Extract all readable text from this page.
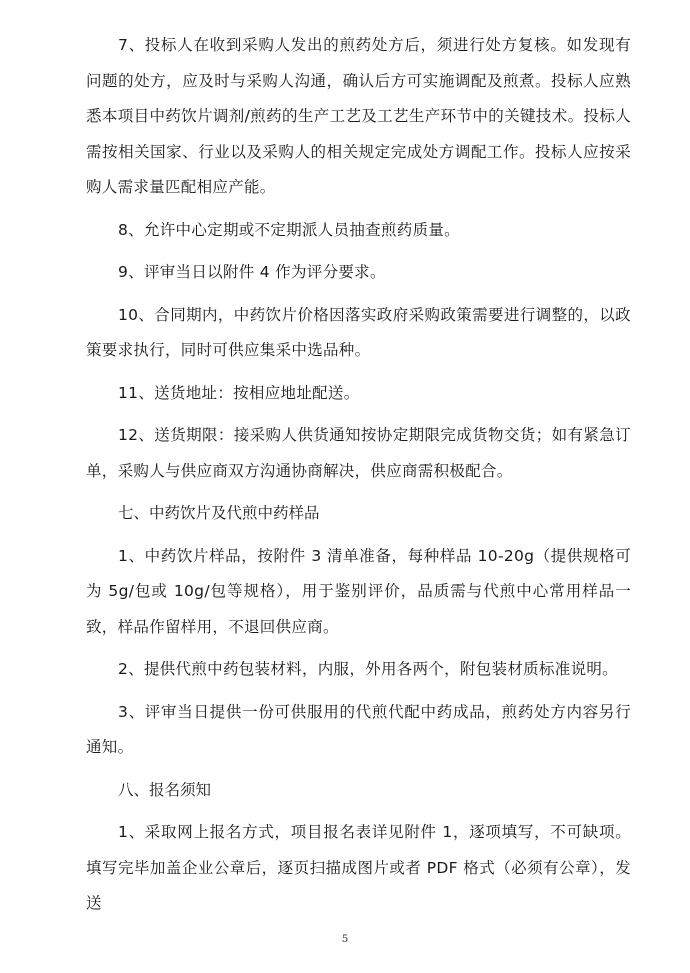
7、投标人在收到采购人发出的煎药处方后，须进行处方复核。如发现有问题的处方，应及时与采购人沟通，确认后方可实施调配及煎煮。投标人应熟悉本项目中药饮片调剂/煎药的生产工艺及工艺生产环节中的关键技术。投标人需按相关国家、行业以及采购人的相关规定完成处方调配工作。投标人应按采购人需求量匹配相应产能。

8、允许中心定期或不定期派人员抽查煎药质量。

9、评审当日以附件 4 作为评分要求。

10、合同期内，中药饮片价格因落实政府采购政策需要进行调整的，以政策要求执行，同时可供应集采中选品种。

11、送货地址：按相应地址配送。

12、送货期限：接采购人供货通知按协定期限完成货物交货；如有紧急订单，采购人与供应商双方沟通协商解决，供应商需积极配合。

七、中药饮片及代煎中药样品

1、中药饮片样品，按附件 3 清单准备，每种样品 10-20g（提供规格可为 5g/包或 10g/包等规格），用于鉴别评价，品质需与代煎中心常用样品一致，样品作留样用，不退回供应商。

2、提供代煎中药包装材料，内服，外用各两个，附包装材质标准说明。

3、评审当日提供一份可供服用的代煎代配中药成品，煎药处方内容另行通知。

八、报名须知

1、采取网上报名方式，项目报名表详见附件 1，逐项填写，不可缺项。填写完毕加盖企业公章后，逐页扫描成图片或者 PDF 格式（必须有公章），发送

5
